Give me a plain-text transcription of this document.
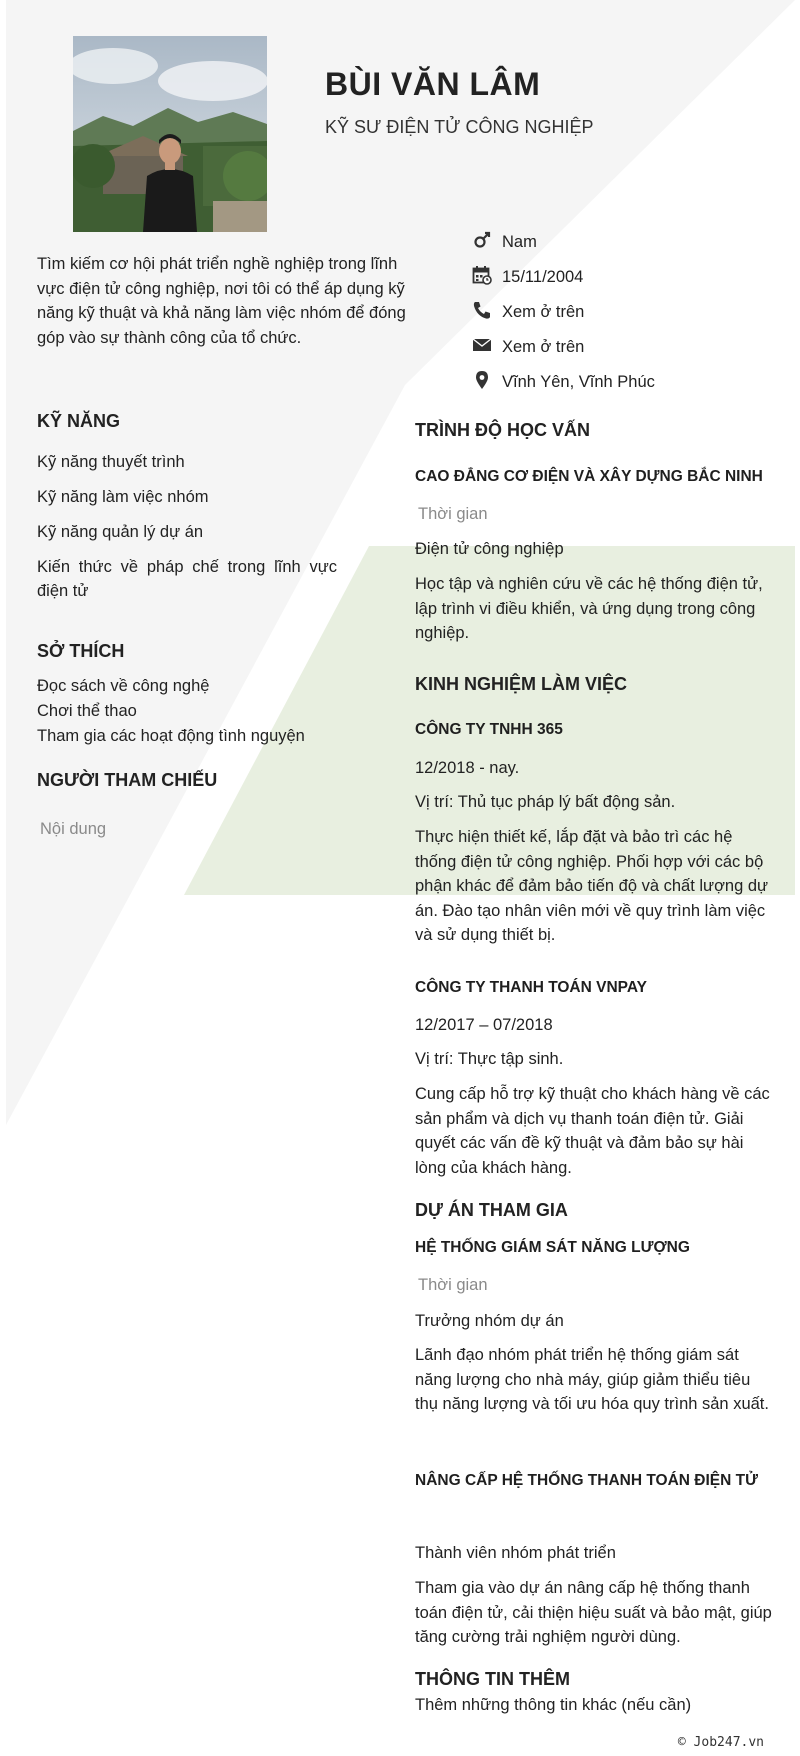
BÙI VĂN LÂM
KỸ SƯ ĐIỆN TỬ CÔNG NGHIỆP
Tìm kiếm cơ hội phát triển nghề nghiệp trong lĩnh vực điện tử công nghiệp, nơi tôi có thể áp dụng kỹ năng kỹ thuật và khả năng làm việc nhóm để đóng góp vào sự thành công của tổ chức.
Nam
15/11/2004
Xem ở trên
Xem ở trên
Vĩnh Yên, Vĩnh Phúc
KỸ NĂNG
Kỹ năng thuyết trình
Kỹ năng làm việc nhóm
Kỹ năng quản lý dự án
Kiến thức về pháp chế trong lĩnh vực điện tử
SỞ THÍCH
Đọc sách về công nghệ
Chơi thể thao
Tham gia các hoạt động tình nguyện
NGƯỜI THAM CHIẾU
Nội dung
TRÌNH ĐỘ HỌC VẤN
CAO ĐẲNG CƠ ĐIỆN VÀ XÂY DỰNG BẮC NINH
Thời gian
Điện tử công nghiệp
Học tập và nghiên cứu về các hệ thống điện tử, lập trình vi điều khiển, và ứng dụng trong công nghiệp.
KINH NGHIỆM LÀM VIỆC
CÔNG TY TNHH 365
12/2018 - nay.
Vị trí: Thủ tục pháp lý bất động sản.
Thực hiện thiết kế, lắp đặt và bảo trì các hệ thống điện tử công nghiệp. Phối hợp với các bộ phận khác để đảm bảo tiến độ và chất lượng dự án. Đào tạo nhân viên mới về quy trình làm việc và sử dụng thiết bị.
CÔNG TY THANH TOÁN VNPAY
12/2017 – 07/2018
Vị trí: Thực tập sinh.
Cung cấp hỗ trợ kỹ thuật cho khách hàng về các sản phẩm và dịch vụ thanh toán điện tử. Giải quyết các vấn đề kỹ thuật và đảm bảo sự hài lòng của khách hàng.
DỰ ÁN THAM GIA
HỆ THỐNG GIÁM SÁT NĂNG LƯỢNG
Thời gian
Trưởng nhóm dự án
Lãnh đạo nhóm phát triển hệ thống giám sát năng lượng cho nhà máy, giúp giảm thiểu tiêu thụ năng lượng và tối ưu hóa quy trình sản xuất.
NÂNG CẤP HỆ THỐNG THANH TOÁN ĐIỆN TỬ
Thành viên nhóm phát triển
Tham gia vào dự án nâng cấp hệ thống thanh toán điện tử, cải thiện hiệu suất và bảo mật, giúp tăng cường trải nghiệm người dùng.
THÔNG TIN THÊM
Thêm những thông tin khác (nếu cần)
© Job247.vn
